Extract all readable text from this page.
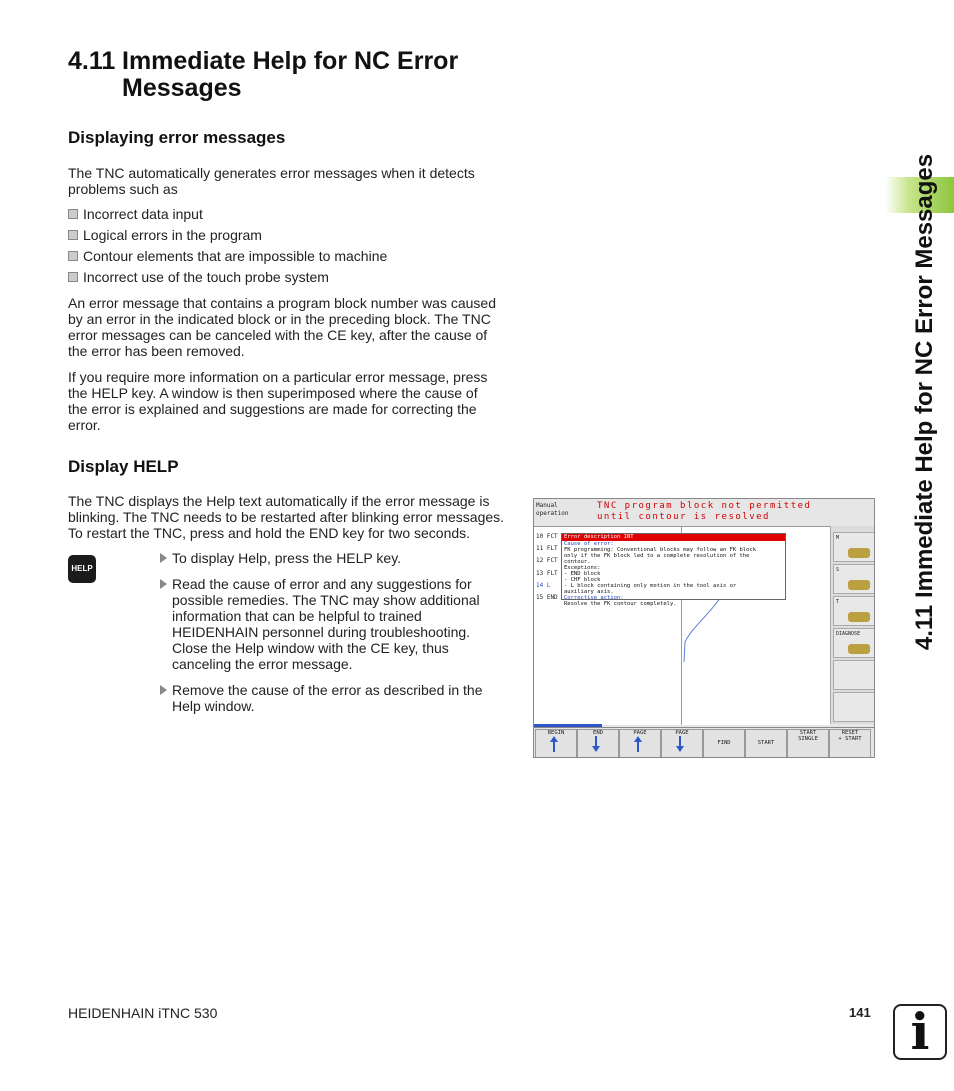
4.11 Immediate Help for NC Error
Messages
4.11 Immediate Help for NC Error Messages
Displaying error messages
The TNC automatically generates error messages when it detects
problems such as
Incorrect data input
Logical errors in the program
Contour elements that are impossible to machine
Incorrect use of the touch probe system
An error message that contains a program block number was caused
by an error in the indicated block or in the preceding block. The TNC
error messages can be canceled with the CE key, after the cause of
the error has been removed.
If you require more information on a particular error message, press
the HELP key. A window is then superimposed where the cause of
the error is explained and suggestions are made for correcting the
error.
Display HELP
The TNC displays the Help text automatically if the error message is
blinking. The TNC needs to be restarted after blinking error messages.
To restart the TNC, press and hold the END key for two seconds.
HELP
To display Help, press the HELP key.
Read the cause of error and any suggestions for
possible remedies. The TNC may show additional
information that can be helpful to trained
HEIDENHAIN personnel during troubleshooting.
Close the Help window with the CE key, thus
canceling the error message.
Remove the cause of the error as described in the
Help window.
Manual
operation
TNC program block not permitted
until contour is resolved
10 FCT
11 FLT
12 FCT
13 FLT
14 L
15 END
M
S
T
DIAGNOSE
Error description INT
Cause of error:
FK programming: Conventional blocks may follow an FK block
only if the FK block led to a complete resolution of the
contour.
Exceptions:
- END block
- CHF block
- L block containing only motion in the tool axis or
auxiliary axis.
Corrective action:
Resolve the FK contour completely.
BEGIN	END	PAGE	PAGE
FIND	START
START
SINGLE
RESET
+ START
HEIDENHAIN iTNC 530	141 i
